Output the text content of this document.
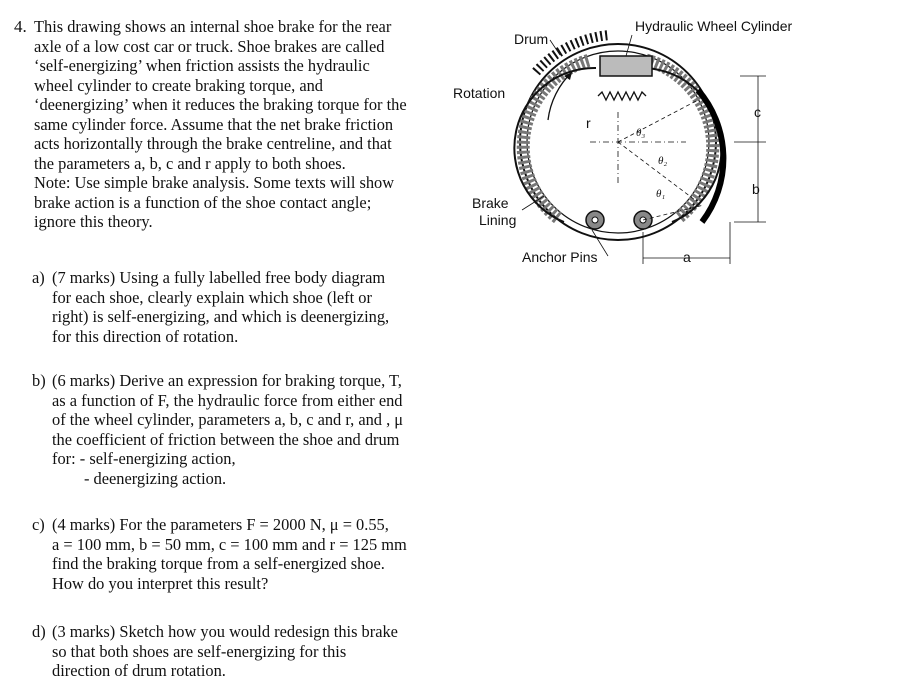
4. This drawing shows an internal shoe brake for the rear

axle of a low cost car or truck. Shoe brakes are called

‘self-energizing’ when friction assists the hydraulic

wheel cylinder to create braking torque, and

‘deenergizing’ when it reduces the braking torque for the

same cylinder force. Assume that the net brake friction

acts horizontally through the brake centreline, and that

the parameters a, b, c and r apply to both shoes.

Note: Use simple brake analysis. Some texts will show

brake action is a function of the shoe contact angle;

ignore this theory.

a) (7 marks) Using a fully labelled free body diagram

for each shoe, clearly explain which shoe (left or

right) is self-energizing, and which is deenergizing,

for this direction of rotation.

b) (6 marks) Derive an expression for braking torque, T,

as a function of F, the hydraulic force from either end

of the wheel cylinder, parameters a, b, c and r, and , μ

the coefficient of friction between the shoe and drum

for: - self-energizing action,

- deenergizing action.

c) (4 marks) For the parameters F = 2000 N, μ = 0.55,

a = 100 mm, b = 50 mm, c = 100 mm and r = 125 mm

find the braking torque from a self-energized shoe.

How do you interpret this result?

d) (3 marks) Sketch how you would redesign this brake

so that both shoes are self-energizing for this

direction of drum rotation.

Drum
Hydraulic Wheel Cylinder
Rotation
Brake
Lining
Anchor Pins
r
a
b
c
θ₃
θ₂
θ₁
